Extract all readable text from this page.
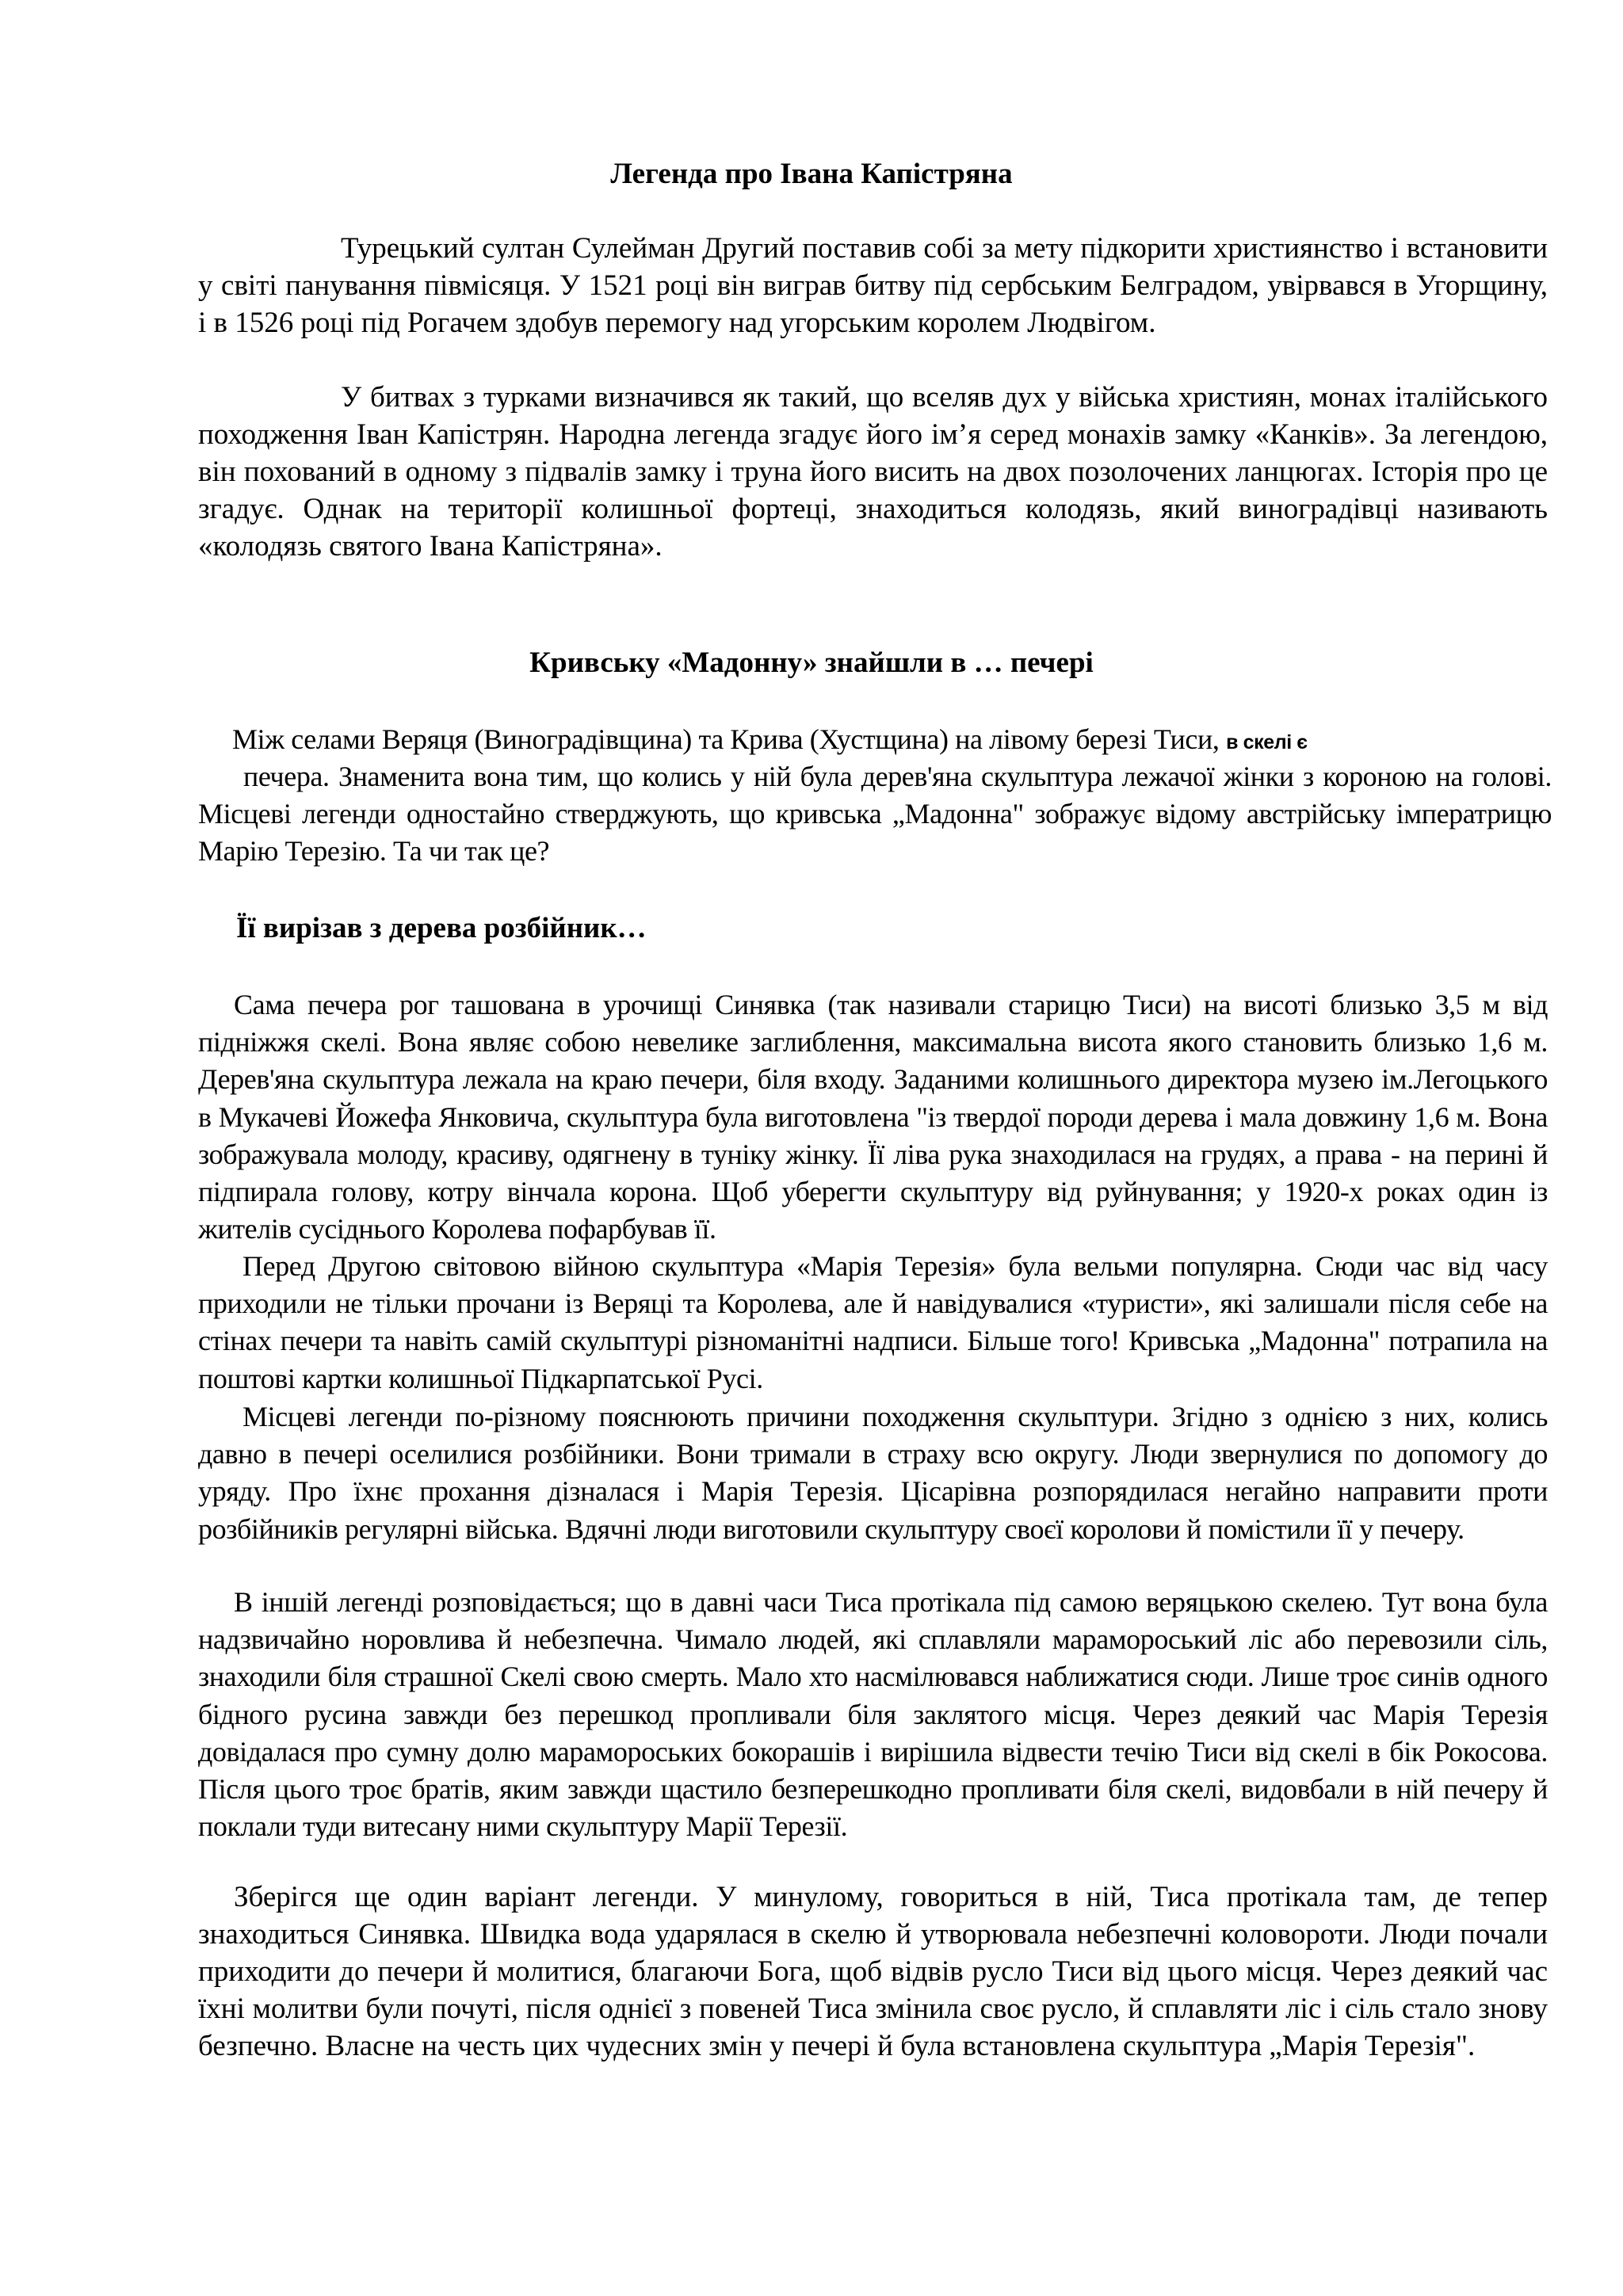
Легенда про Івана Капістряна

Турецький султан Сулейман Другий поставив собі за мету підкорити християнство і встановити у світі панування півмісяця. У 1521 році він виграв битву під сербським Белградом, увірвався в Угорщину, і в 1526 році під Рогачем здобув перемогу над угорським королем Людвігом.

У битвах з турками визначився як такий, що вселяв дух у війська християн, монах італійського походження Іван Капістрян. Народна легенда згадує його ім’я серед монахів замку «Канків». За легендою, він похований в одному з підвалів замку і труна його висить на двох позолочених ланцюгах. Історія про це згадує. Однак на території колишньої фортеці, знаходиться колодязь, який виноградівці називають «колодязь святого Івана Капістряна».

Кривську «Мадонну» знайшли в … печері

Між селами Веряця (Виноградівщина) та Крива (Хустщина) на лівому березі Тиси, в скелі є

печера. Знаменита вона тим, що колись у ній була дерев'яна скульптура лежачої жінки з короною на голові. Місцеві легенди одностайно стверджують, що кривська „Мадонна" зображує відому австрійську імператрицю Марію Терезію. Та чи так це?

Її вирізав з дерева розбійник…

Сама печера рог ташована в урочищі Синявка (так називали старицю Тиси) на висоті близько 3,5 м від підніжжя скелі. Вона являє собою невелике заглиблення, максимальна висота якого становить близько 1,6 м. Дерев'яна скульптура лежала на краю печери, біля входу. Заданими колишнього директора музею ім.Легоцького в Мукачеві Йожефа Янковича, скульптура була виготовлена "із твердої породи дерева і мала довжину 1,6 м. Вона зображувала молоду, красиву, одягнену в туніку жінку. Її ліва рука знаходилася на грудях, а права - на перині й підпирала голову, котру вінчала корона. Щоб уберегти скульптуру від руйнування; у 1920-х роках один із жителів сусіднього Королева пофарбував її.

Перед Другою світовою війною скульптура «Марія Терезія» була вельми популярна. Сюди час від часу приходили не тільки прочани із Веряці та Королева, але й навідувалися «туристи», які залишали після себе на стінах печери та навіть самій скульптурі різноманітні надписи. Більше того! Кривська „Мадонна" потрапила на поштові картки колишньої Підкарпатської Русі.

Місцеві легенди по-різному пояснюють причини походження скульптури. Згідно з однією з них, колись давно в печері оселилися розбійники. Вони тримали в страху всю округу. Люди звернулися по допомогу до уряду. Про їхнє прохання дізналася і Марія Терезія. Цісарівна розпорядилася негайно направити проти розбійників регулярні війська. Вдячні люди виготовили скульптуру своєї королови й помістили її у печеру.

В іншій легенді розповідається; що в давні часи Тиса протікала під самою веряцькою скелею. Тут вона була надзвичайно норовлива й небезпечна. Чимало людей, які сплавляли мараморoський ліс або перевозили сіль, знаходили біля страшної Скелі свою смерть. Мало хто насмілювався наближатися сюди. Лише троє синів одного бідного русина завжди без перешкод пропливали біля заклятого місця. Через деякий час Марія Терезія довідалася про сумну долю мараморoських бокорашів і вирішила відвести течію Тиси від скелі в бік Рокосова. Після цього троє братів, яким завжди щастило безперешкодно пропливати біля скелі, видовбали в ній печеру й поклали туди витесану ними скульптуру Марії Терезії.

Зберігся ще один варіант легенди. У минулому, говориться в ній, Тиса протікала там, де тепер знаходиться Синявка. Швидка вода ударялася в скелю й утворювала небезпечні коловороти. Люди почали приходити до печери й молитися, благаючи Бога, щоб відвів русло Тиси від цього місця. Через деякий час їхні молитви були почуті, після однієї з повеней Тиса змінила своє русло, й сплавляти ліс і сіль стало знову безпечно. Власне на честь цих чудесних змін у печері й була встановлена скульптура „Марія Терезія".
